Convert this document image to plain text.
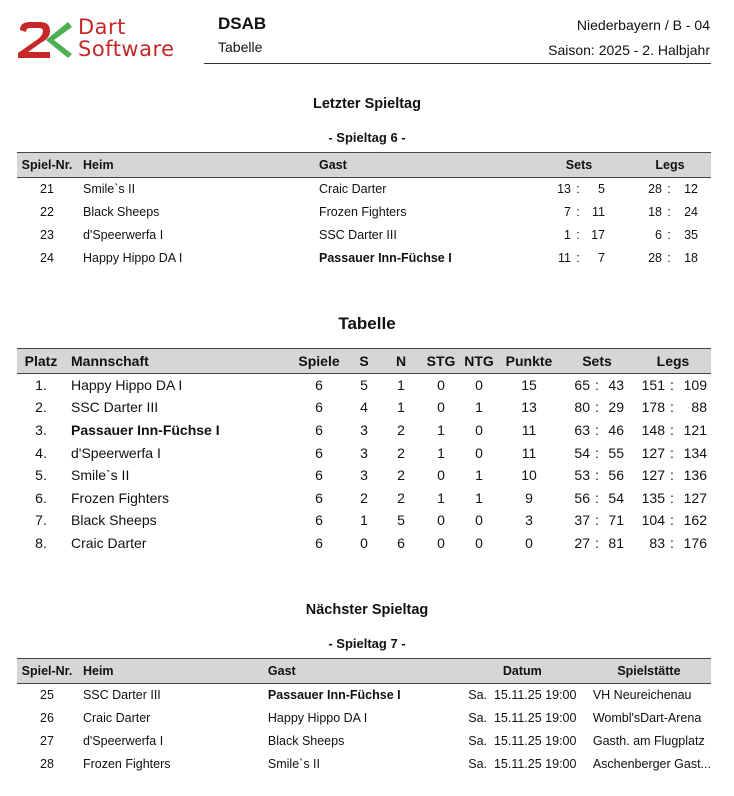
Dart
Software
DSAB
Tabelle
Niederbayern / B - 04
Saison: 2025 - 2. Halbjahr
Letzter Spieltag
- Spieltag 6 -
Spiel-Nr.	Heim	Gast	Sets	Legs
21	Smile`s II	Craic Darter	13 : 5	28 : 12
22	Black Sheeps	Frozen Fighters	7 : 11	18 : 24
23	d'Speerwerfa I	SSC Darter III	1 : 17	6 : 35
24	Happy Hippo DA I	Passauer Inn-Füchse I	11 : 7	28 : 18
Tabelle
Platz	Mannschaft	Spiele	S	N	STG	NTG	Punkte	Sets	Legs
1.	Happy Hippo DA I	6	5	1	0	0	15	65 : 43	151 : 109
2.	SSC Darter III	6	4	1	0	1	13	80 : 29	178 : 88
3.	Passauer Inn-Füchse I	6	3	2	1	0	11	63 : 46	148 : 121
4.	d'Speerwerfa I	6	3	2	1	0	11	54 : 55	127 : 134
5.	Smile`s II	6	3	2	0	1	10	53 : 56	127 : 136
6.	Frozen Fighters	6	2	2	1	1	9	56 : 54	135 : 127
7.	Black Sheeps	6	1	5	0	0	3	37 : 71	104 : 162
8.	Craic Darter	6	0	6	0	0	0	27 : 81	83 : 176
Nächster Spieltag
- Spieltag 7 -
Spiel-Nr.	Heim	Gast	Datum	Spielstätte
25	SSC Darter III	Passauer Inn-Füchse I	Sa.  15.11.25 19:00	VH Neureichenau
26	Craic Darter	Happy Hippo DA I	Sa.  15.11.25 19:00	Wombl'sDart-Arena
27	d'Speerwerfa I	Black Sheeps	Sa.  15.11.25 19:00	Gasth. am Flugplatz
28	Frozen Fighters	Smile`s II	Sa.  15.11.25 19:00	Aschenberger Gast...
